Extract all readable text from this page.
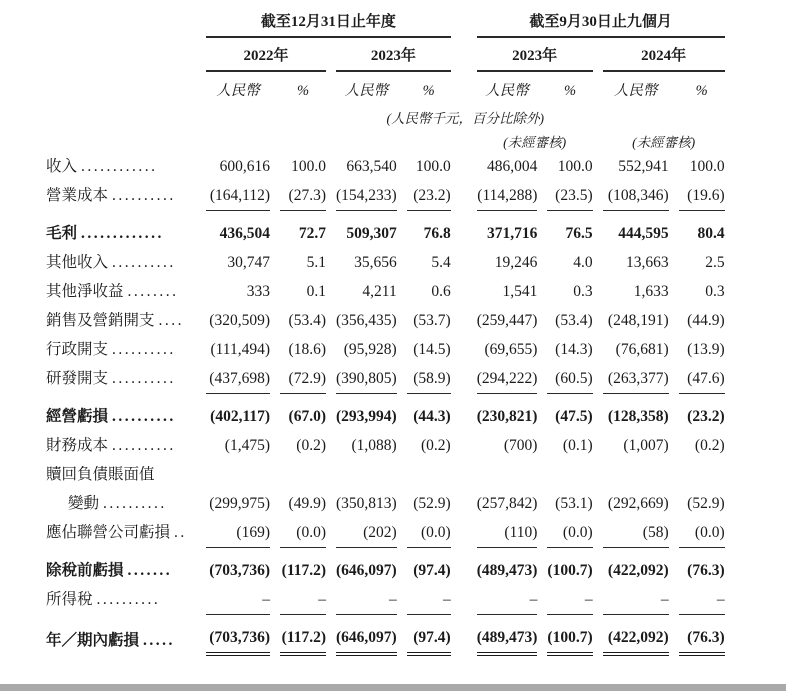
	截至12月31日止年度					截至9月30日止九個月			
	2022年		2023年			2023年		2024年	
	人民幣	%	人民幣	%		人民幣	%	人民幣	%
	(人民幣千元，百分比除外)								
						(未經審核)		(未經審核)	
收入 ............	600,616	100.0	663,540	100.0		486,004	100.0	552,941	100.0
營業成本 ..........	(164,112)	(27.3)	(154,233)	(23.2)		(114,288)	(23.5)	(108,346)	(19.6)
毛利 .............	436,504	72.7	509,307	76.8		371,716	76.5	444,595	80.4
其他收入 ..........	30,747	5.1	35,656	5.4		19,246	4.0	13,663	2.5
其他淨收益 ........	333	0.1	4,211	0.6		1,541	0.3	1,633	0.3
銷售及營銷開支 ....	(320,509)	(53.4)	(356,435)	(53.7)		(259,447)	(53.4)	(248,191)	(44.9)
行政開支 ..........	(111,494)	(18.6)	(95,928)	(14.5)		(69,655)	(14.3)	(76,681)	(13.9)
研發開支 ..........	(437,698)	(72.9)	(390,805)	(58.9)		(294,222)	(60.5)	(263,377)	(47.6)
經營虧損 ..........	(402,117)	(67.0)	(293,994)	(44.3)		(230,821)	(47.5)	(128,358)	(23.2)
財務成本 ..........	(1,475)	(0.2)	(1,088)	(0.2)		(700)	(0.1)	(1,007)	(0.2)
贖回負債賬面值									
變動 ..........	(299,975)	(49.9)	(350,813)	(52.9)		(257,842)	(53.1)	(292,669)	(52.9)
應佔聯營公司虧損 ..	(169)	(0.0)	(202)	(0.0)		(110)	(0.0)	(58)	(0.0)
除稅前虧損 .......	(703,736)	(117.2)	(646,097)	(97.4)		(489,473)	(100.7)	(422,092)	(76.3)
所得稅 ..........	–	–	–	–		–	–	–	–
年／期內虧損 .....	(703,736)	(117.2)	(646,097)	(97.4)		(489,473)	(100.7)	(422,092)	(76.3)
